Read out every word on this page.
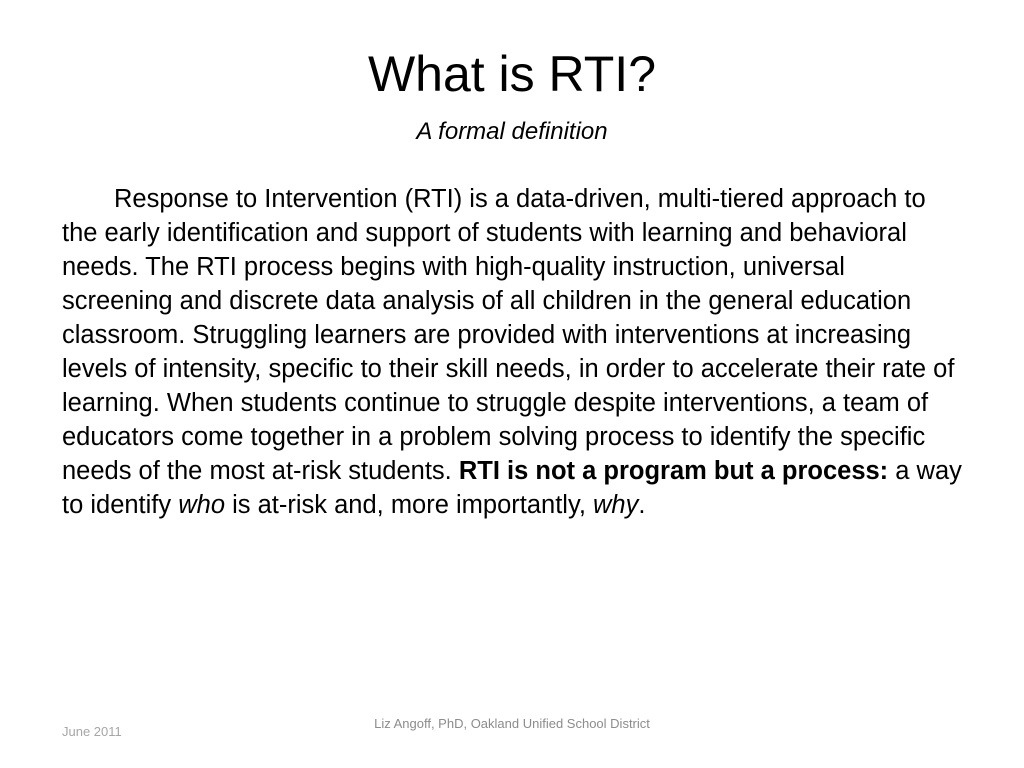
What is RTI?

A formal definition

Response to Intervention (RTI) is a data-driven, multi-tiered approach to the early identification and support of students with learning and behavioral needs. The RTI process begins with high-quality instruction, universal screening and discrete data analysis of all children in the general education classroom. Struggling learners are provided with interventions at increasing levels of intensity, specific to their skill needs, in order to accelerate their rate of learning. When students continue to struggle despite interventions, a team of educators come together in a problem solving process to identify the specific needs of the most at-risk students. RTI is not a program but a process: a way to identify who is at-risk and, more importantly, why.

June 2011

Liz Angoff, PhD, Oakland Unified School District
